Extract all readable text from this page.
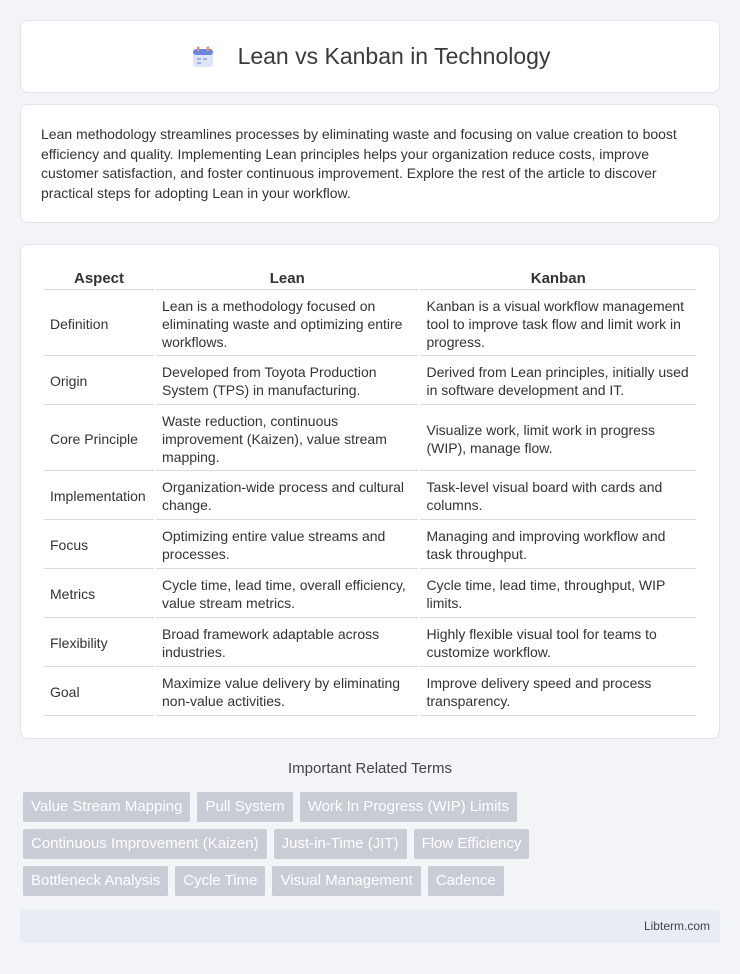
Lean vs Kanban in Technology

Lean methodology streamlines processes by eliminating waste and focusing on value creation to boost efficiency and quality. Implementing Lean principles helps your organization reduce costs, improve customer satisfaction, and foster continuous improvement. Explore the rest of the article to discover practical steps for adopting Lean in your workflow.

Aspect	Lean	Kanban
Definition	Lean is a methodology focused on eliminating waste and optimizing entire workflows.	Kanban is a visual workflow management tool to improve task flow and limit work in progress.
Origin	Developed from Toyota Production System (TPS) in manufacturing.	Derived from Lean principles, initially used in software development and IT.
Core Principle	Waste reduction, continuous improvement (Kaizen), value stream mapping.	Visualize work, limit work in progress (WIP), manage flow.
Implementation	Organization-wide process and cultural change.	Task-level visual board with cards and columns.
Focus	Optimizing entire value streams and processes.	Managing and improving workflow and task throughput.
Metrics	Cycle time, lead time, overall efficiency, value stream metrics.	Cycle time, lead time, throughput, WIP limits.
Flexibility	Broad framework adaptable across industries.	Highly flexible visual tool for teams to customize workflow.
Goal	Maximize value delivery by eliminating non-value activities.	Improve delivery speed and process transparency.
Important Related Terms
Value Stream Mapping	Pull System	Work In Progress (WIP) Limits
Continuous Improvement (Kaizen)	Just-in-Time (JIT)	Flow Efficiency
Bottleneck Analysis	Cycle Time	Visual Management	Cadence
Libterm.com
